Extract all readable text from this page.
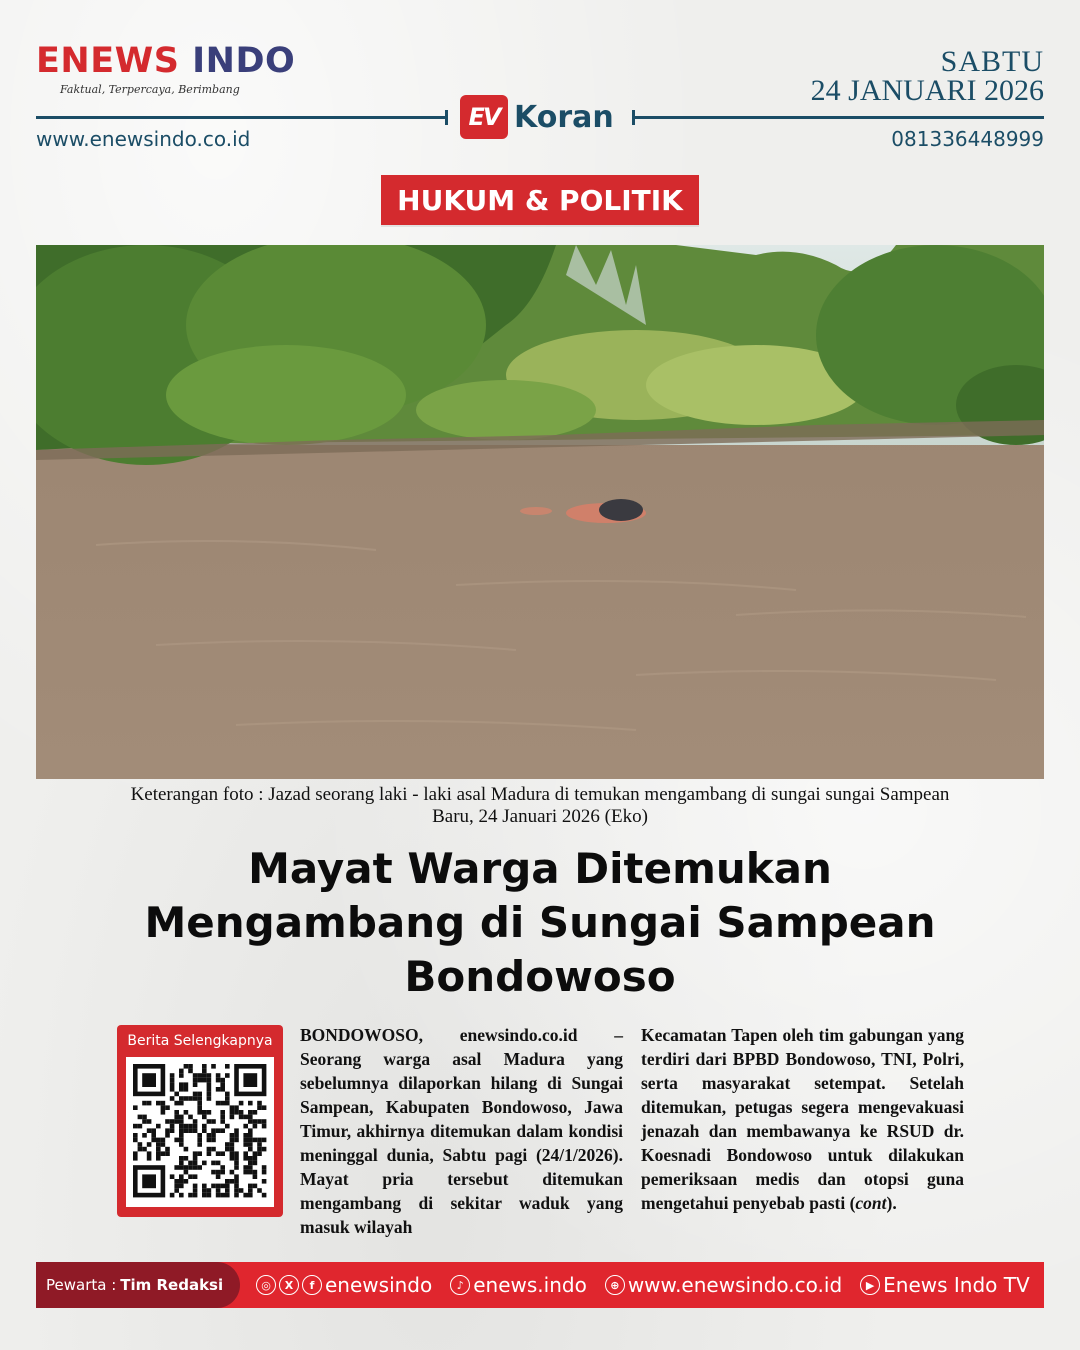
ENEWS INDO
Faktual, Terpercaya, Berimbang
SABTU
24 JANUARI 2026
EV Koran
www.enewsindo.co.id	081336448999
HUKUM & POLITIK
Keterangan foto : Jazad seorang laki - laki asal Madura di temukan mengambang di sungai sungai Sampean
Baru, 24 Januari 2026 (Eko)
Mayat Warga Ditemukan
Mengambang di Sungai Sampean
Bondowoso
Berita Selengkapnya	BONDOWOSO, enewsindo.co.id – Seorang warga asal Madura yang sebelumnya dilaporkan hilang di Sungai Sampean, Kabupaten Bondowoso, Jawa Timur, akhirnya ditemukan dalam kondisi meninggal dunia, Sabtu pagi (24/1/2026). Mayat pria tersebut ditemukan mengambang di sekitar waduk yang masuk wilayah
Kecamatan Tapen oleh tim gabungan yang terdiri dari BPBD Bondowoso, TNI, Polri, serta masyarakat setempat. Setelah ditemukan, petugas segera mengevakuasi jenazah dan membawanya ke RSUD dr. Koesnadi Bondowoso untuk dilakukan pemeriksaan medis dan otopsi guna mengetahui penyebab pasti (cont).
Pewarta : Tim Redaksi	◎	X	f enewsindo	♪ enews.indo	⊕ www.enewsindo.co.id	▶ Enews Indo TV
